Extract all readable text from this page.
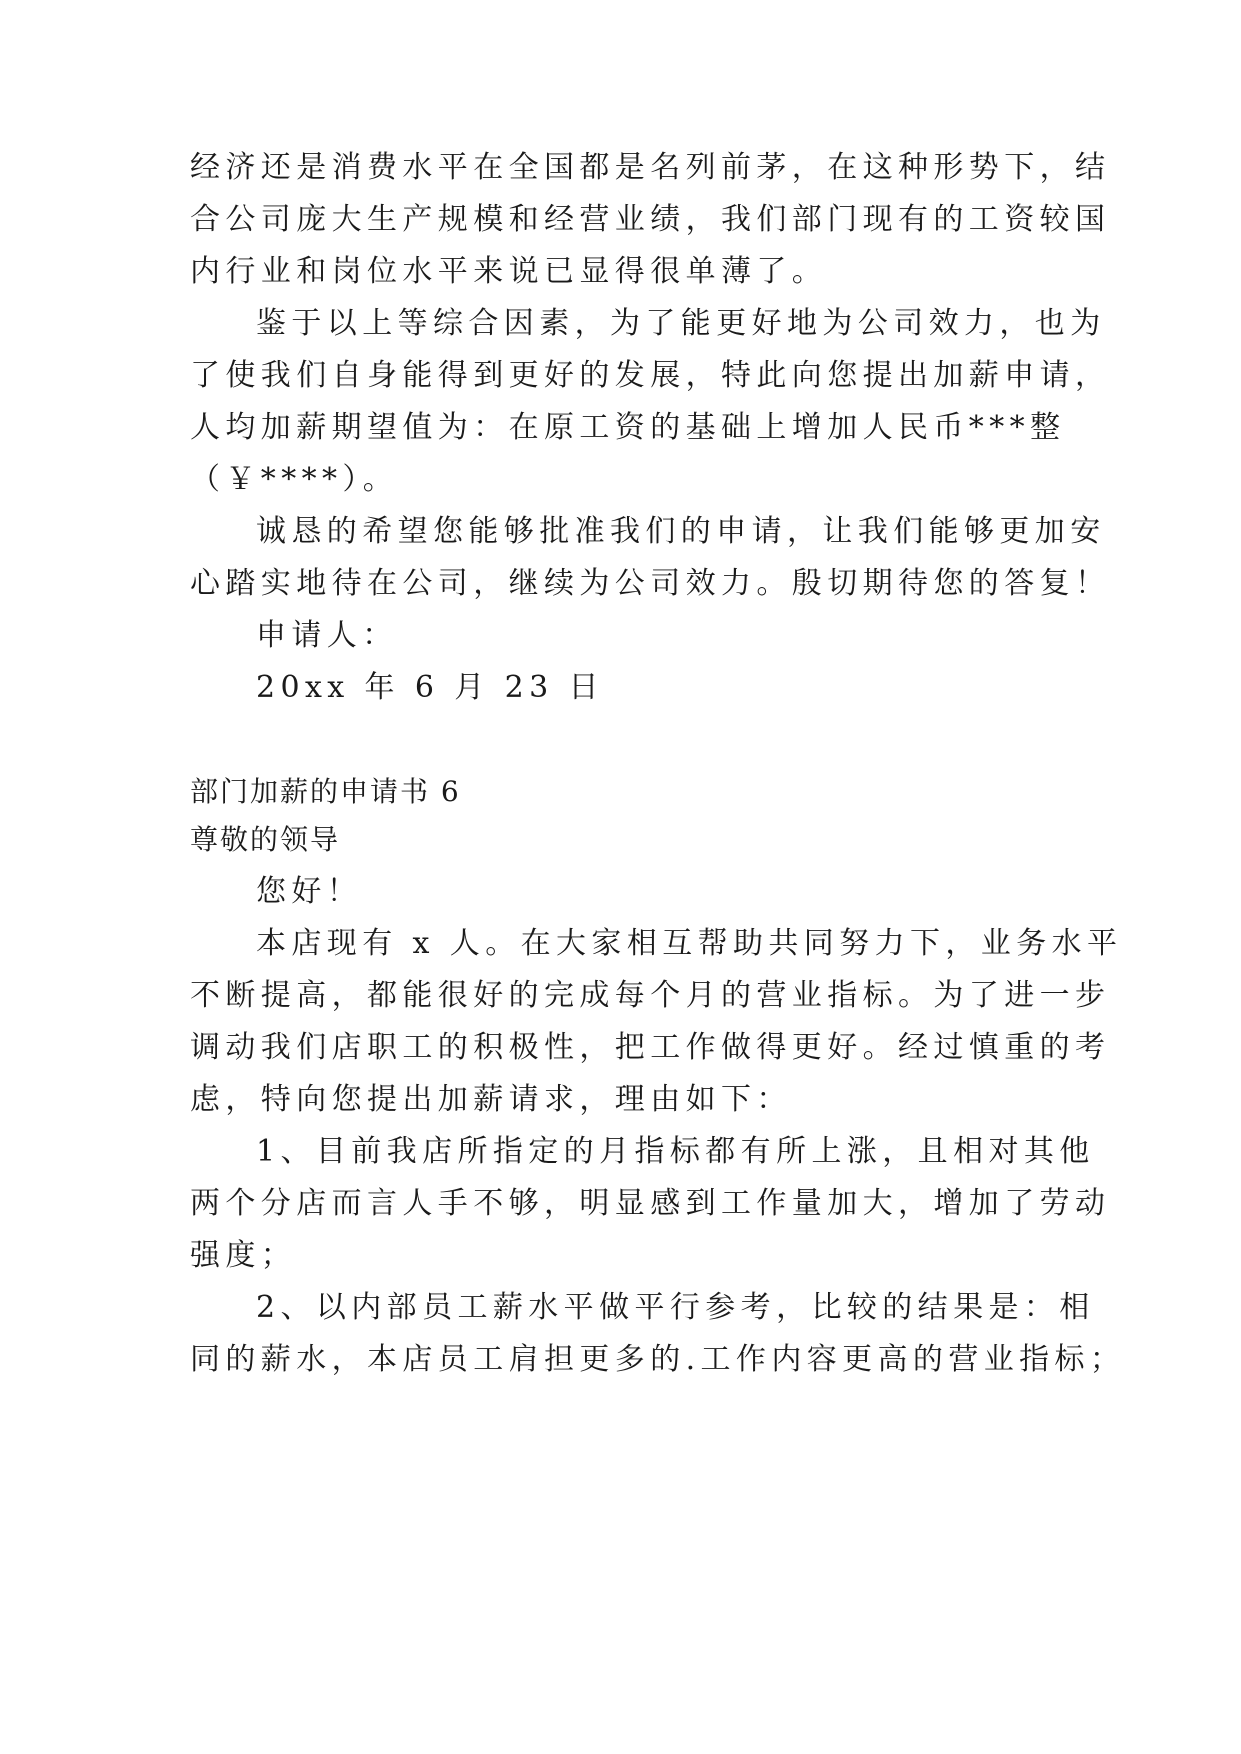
经济还是消费水平在全国都是名列前茅，在这种形势下，结
合公司庞大生产规模和经营业绩，我们部门现有的工资较国
内行业和岗位水平来说已显得很单薄了。
鉴于以上等综合因素，为了能更好地为公司效力，也为
了使我们自身能得到更好的发展，特此向您提出加薪申请，
人均加薪期望值为：在原工资的基础上增加人民币***整
（￥****）。
诚恳的希望您能够批准我们的申请，让我们能够更加安
心踏实地待在公司，继续为公司效力。殷切期待您的答复！
申请人：
20xx 年 6 月 23 日
部门加薪的申请书 6
尊敬的领导
您好！
本店现有 x 人。在大家相互帮助共同努力下，业务水平
不断提高，都能很好的完成每个月的营业指标。为了进一步
调动我们店职工的积极性，把工作做得更好。经过慎重的考
虑，特向您提出加薪请求，理由如下：
1、目前我店所指定的月指标都有所上涨，且相对其他
两个分店而言人手不够，明显感到工作量加大，增加了劳动
强度；
2、以内部员工薪水平做平行参考，比较的结果是：相
同的薪水，本店员工肩担更多的.工作内容更高的营业指标；
